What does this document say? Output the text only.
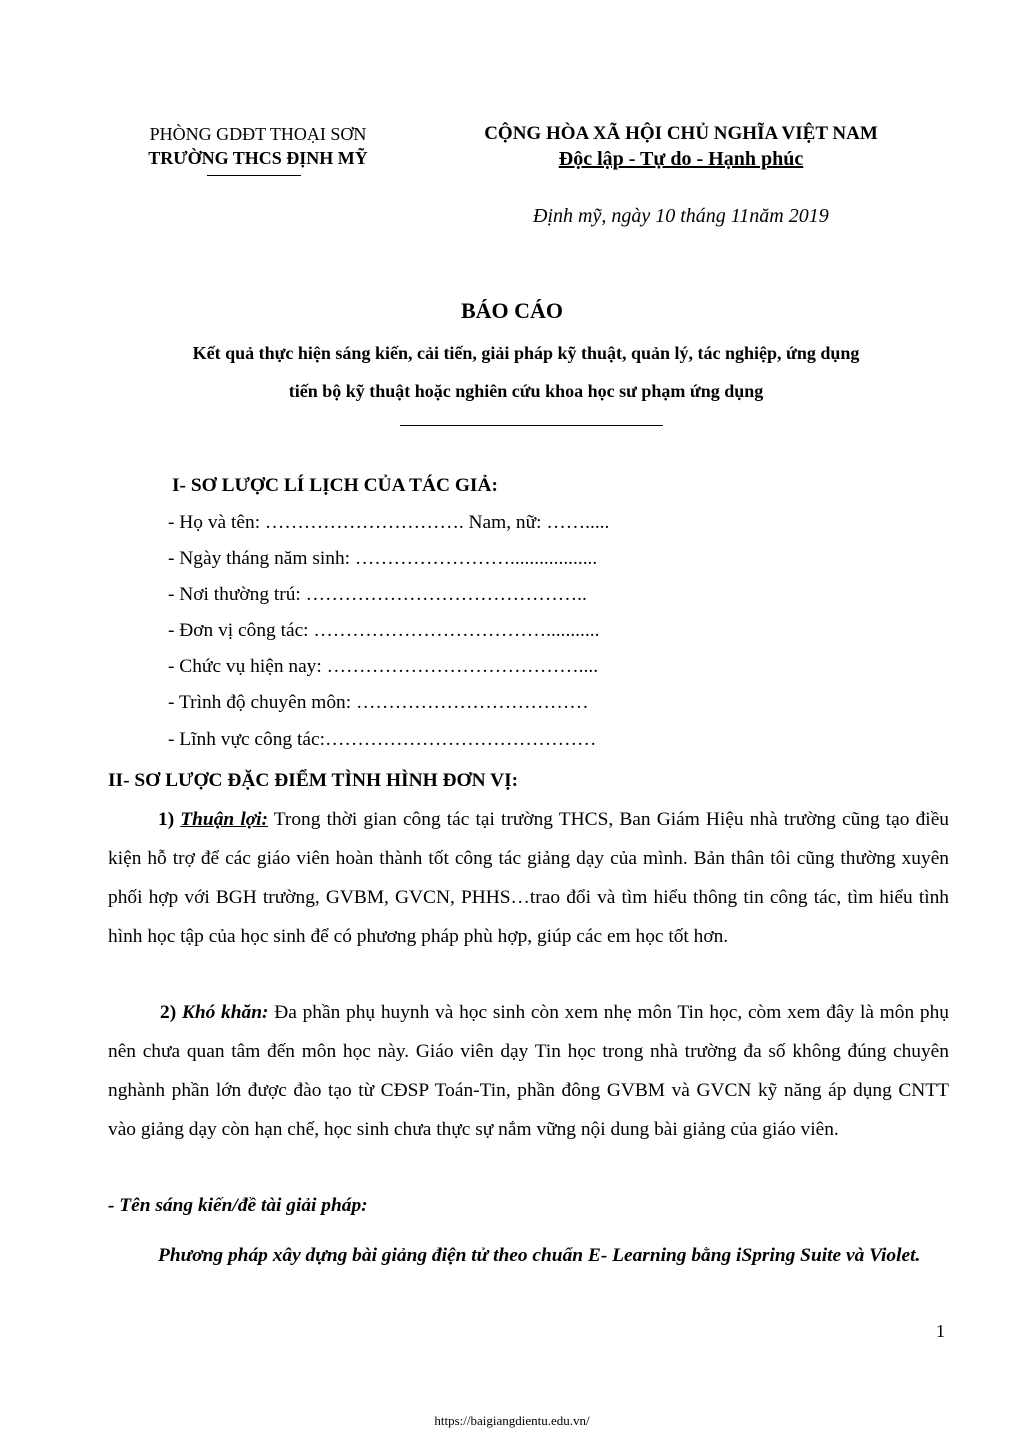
PHÒNG GDĐT THOẠI SƠN
TRƯỜNG THCS ĐỊNH MỸ
CỘNG HÒA XÃ HỘI CHỦ NGHĨA VIỆT NAM
Độc lập - Tự do - Hạnh phúc
Định mỹ, ngày 10 tháng 11năm 2019
BÁO CÁO
Kết quả thực hiện sáng kiến, cải tiến, giải pháp kỹ thuật, quản lý, tác nghiệp, ứng dụng
tiến bộ kỹ thuật hoặc nghiên cứu khoa học sư phạm ứng dụng
I- SƠ LƯỢC LÍ LỊCH CỦA TÁC GIẢ:
- Họ và tên: …………………………. Nam, nữ: …….....
- Ngày tháng năm sinh: ……………………..................
- Nơi thường trú: ……………………………………..
- Đơn vị công tác: ………………………………...........
- Chức vụ hiện nay: …………………………………....
- Trình độ chuyên môn: ………………………………
- Lĩnh vực công tác:……………………………………
II- SƠ LƯỢC ĐẶC ĐIỂM TÌNH HÌNH ĐƠN VỊ:
1) Thuận lợi: Trong thời gian công tác tại trường THCS, Ban Giám Hiệu nhà trường cũng tạo điều kiện hỗ trợ để các giáo viên hoàn thành tốt công tác giảng dạy của mình. Bản thân tôi cũng thường xuyên phối hợp với BGH trường, GVBM, GVCN, PHHS…trao đổi và tìm hiểu thông tin công tác, tìm hiểu tình hình học tập của học sinh để có phương pháp phù hợp, giúp các em học tốt hơn.
2) Khó khăn: Đa phần phụ huynh và học sinh còn xem nhẹ môn Tin học, còm xem đây là môn phụ nên chưa quan tâm đến môn học này. Giáo viên dạy Tin học trong nhà trường đa số không đúng chuyên nghành phần lớn được đào tạo từ CĐSP Toán-Tin, phần đông GVBM và GVCN kỹ năng áp dụng CNTT vào giảng dạy còn hạn chế, học sinh chưa thực sự nắm vững nội dung bài giảng của giáo viên.
- Tên sáng kiến/đề tài giải pháp:
Phương pháp xây dựng bài giảng điện tử theo chuẩn E- Learning bằng iSpring Suite và Violet.
1
https://baigiangdientu.edu.vn/
